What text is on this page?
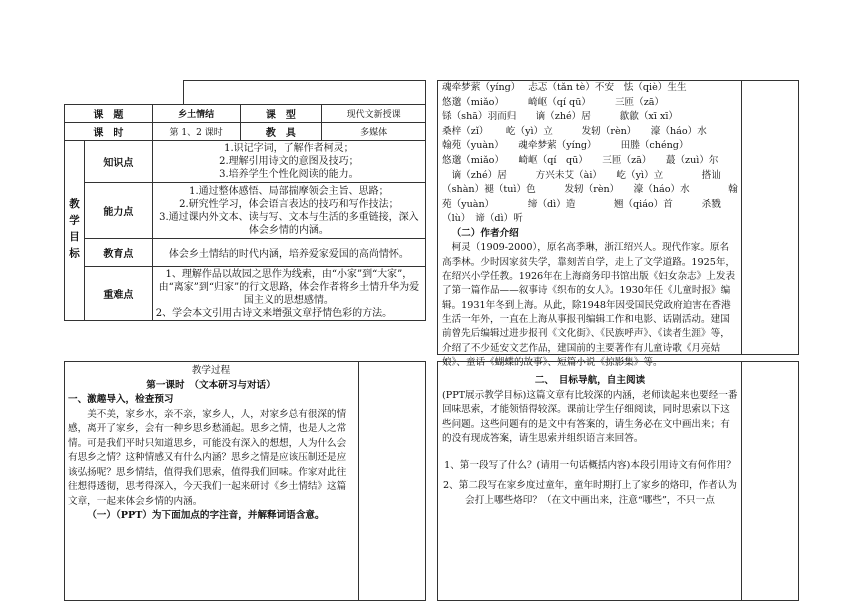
课　题		乡土情结	课　型	现代文新授课
课　时		第 1、2 课时	教　具	多媒体
教学目标	知识点	1.识记字词，了解作者柯灵；
2.理解引用诗文的意图及技巧；
3.培养学生个性化阅读的能力。		

	能力点	1.通过整体感悟、局部揣摩领会主旨、思路；
2.研究性学习，体会语言表达的技巧和写作技法；
3.通过课内外文本、读与写、文本与生活的多重链接，深入体会乡情的内涵。		

	教育点	体会乡土情结的时代内涵，培养爱家爱国的高尚情怀。		
	重难点	1、理解作品以故园之思作为线索，由“小家”到“大家”，由“离家”到“归家”的行文思路，体会作者将乡土情升华为爱国主义的思想感情。
2、学会本文引用古诗文来增强文章抒情色彩的方法。		
教学过程
第一课时　（文本研习与对话）
一、激趣导入，检查预习
美不美，家乡水，亲不亲，家乡人，人，对家乡总有很深的情感，离开了家乡，会有一种乡思乡愁涌起。思乡之情，也是人之常情。可是我们平时只知道思乡，可能没有深入的想想，人为什么会有思乡之情？这种情感又有什么内涵？思乡之情是应该压制还是应该弘扬呢？思乡情结，值得我们思索，值得我们回味。作家对此往往想得透彻，思考得深入，今天我们一起来研讨《乡土情结》这篇文章，一起来体会乡情的内涵。
（一）（PPT）为下面加点的字注音，并解释词语含意。
魂牵梦萦（yíng）　 忐忑（tǎn tè）不安　怯（qiè）生生
悠邈（miǎo）　　　崎岖（qí qū）　　　三匝（zā）
铩（shā）羽而归　　谪（zhé）居　　　歙歙（xī xī）
桑梓（zǐ）　　 屹（yì）立　　　发轫（rèn）　　濠（háo）水
翰苑（yuàn）　　魂牵梦萦（yíng）　　　田塍（chéng）
悠邈（miǎo）　　崎岖（qí　qū）　　三匝（zā）　　蕞（zuì）尔
　谪（zhé）居　　　方兴未艾（ài）　　屹（yì）立　　　　搭讪
（shàn）褪（tuì）色　　　发轫（rèn）　　濠（háo）水　　　　翰
苑（yuàn）　　　　缔（dì）造　　　　翘（qiáo）首　　　杀戮
（lù）　谛（dì）听
（二）作者介绍
柯灵（1909-2000），原名高季琳，浙江绍兴人。现代作家。原名高季林。少时因家贫失学，靠刻苦自学，走上了文学道路。1925年，在绍兴小学任教。1926年在上海商务印书馆出版《妇女杂志》上发表了第一篇作品——叙事诗《织布的女人》。1930年任《儿童时报》编辑。1931年冬到上海。从此，除1948年因受国民党政府迫害在香港生活一年外，一直在上海从事报刊编辑工作和电影、话剧活动。建国前曾先后编辑过进步报刊《文化街》、《民族呼声》、《读者生涯》等，介绍了不少延安文艺作品，建国前的主要著作有儿童诗歌《月亮姑娘》、童话《蝴蝶的故事》、短篇小说《掠影集》等。
二、　目标导航，自主阅读
(PPT展示教学目标)这篇文章有比较深的内涵，老师读起来也要经一番回味思索，才能领悟得较深。课前让学生仔细阅读，同时思索以下这些问题。这些问题有的是文中有答案的，请生务必在文中画出来；有的没有现成答案，请生思索并组织语言来回答。
1、第一段写了什么？(请用一句话概括内容)本段引用诗文有何作用？
2、第二段写在家乡度过童年，童年时期打上了家乡的烙印，作者认为会打上哪些烙印？（在文中画出来，注意“哪些”，不只一点
